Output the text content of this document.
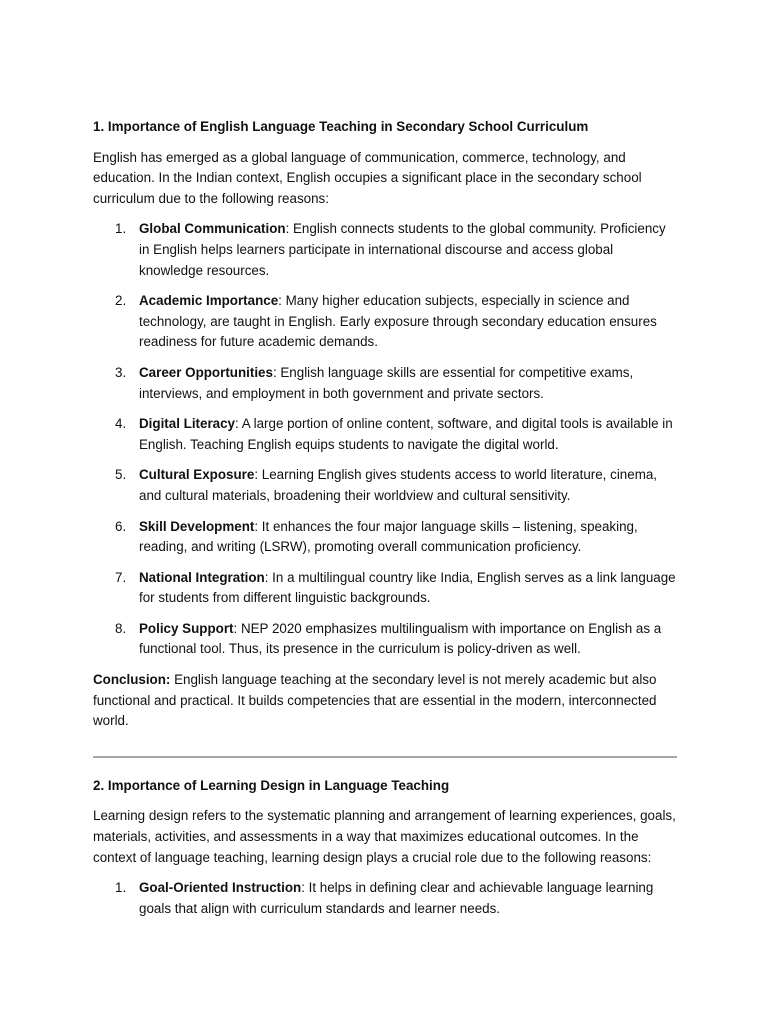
1. Importance of English Language Teaching in Secondary School Curriculum

English has emerged as a global language of communication, commerce, technology, and education. In the Indian context, English occupies a significant place in the secondary school curriculum due to the following reasons:

1. Global Communication: English connects students to the global community. Proficiency in English helps learners participate in international discourse and access global knowledge resources.
2. Academic Importance: Many higher education subjects, especially in science and technology, are taught in English. Early exposure through secondary education ensures readiness for future academic demands.
3. Career Opportunities: English language skills are essential for competitive exams, interviews, and employment in both government and private sectors.
4. Digital Literacy: A large portion of online content, software, and digital tools is available in English. Teaching English equips students to navigate the digital world.
5. Cultural Exposure: Learning English gives students access to world literature, cinema, and cultural materials, broadening their worldview and cultural sensitivity.
6. Skill Development: It enhances the four major language skills – listening, speaking, reading, and writing (LSRW), promoting overall communication proficiency.
7. National Integration: In a multilingual country like India, English serves as a link language for students from different linguistic backgrounds.
8. Policy Support: NEP 2020 emphasizes multilingualism with importance on English as a functional tool. Thus, its presence in the curriculum is policy-driven as well.

Conclusion: English language teaching at the secondary level is not merely academic but also functional and practical. It builds competencies that are essential in the modern, interconnected world.

2. Importance of Learning Design in Language Teaching

Learning design refers to the systematic planning and arrangement of learning experiences, goals, materials, activities, and assessments in a way that maximizes educational outcomes. In the context of language teaching, learning design plays a crucial role due to the following reasons:

1. Goal-Oriented Instruction: It helps in defining clear and achievable language learning goals that align with curriculum standards and learner needs.
